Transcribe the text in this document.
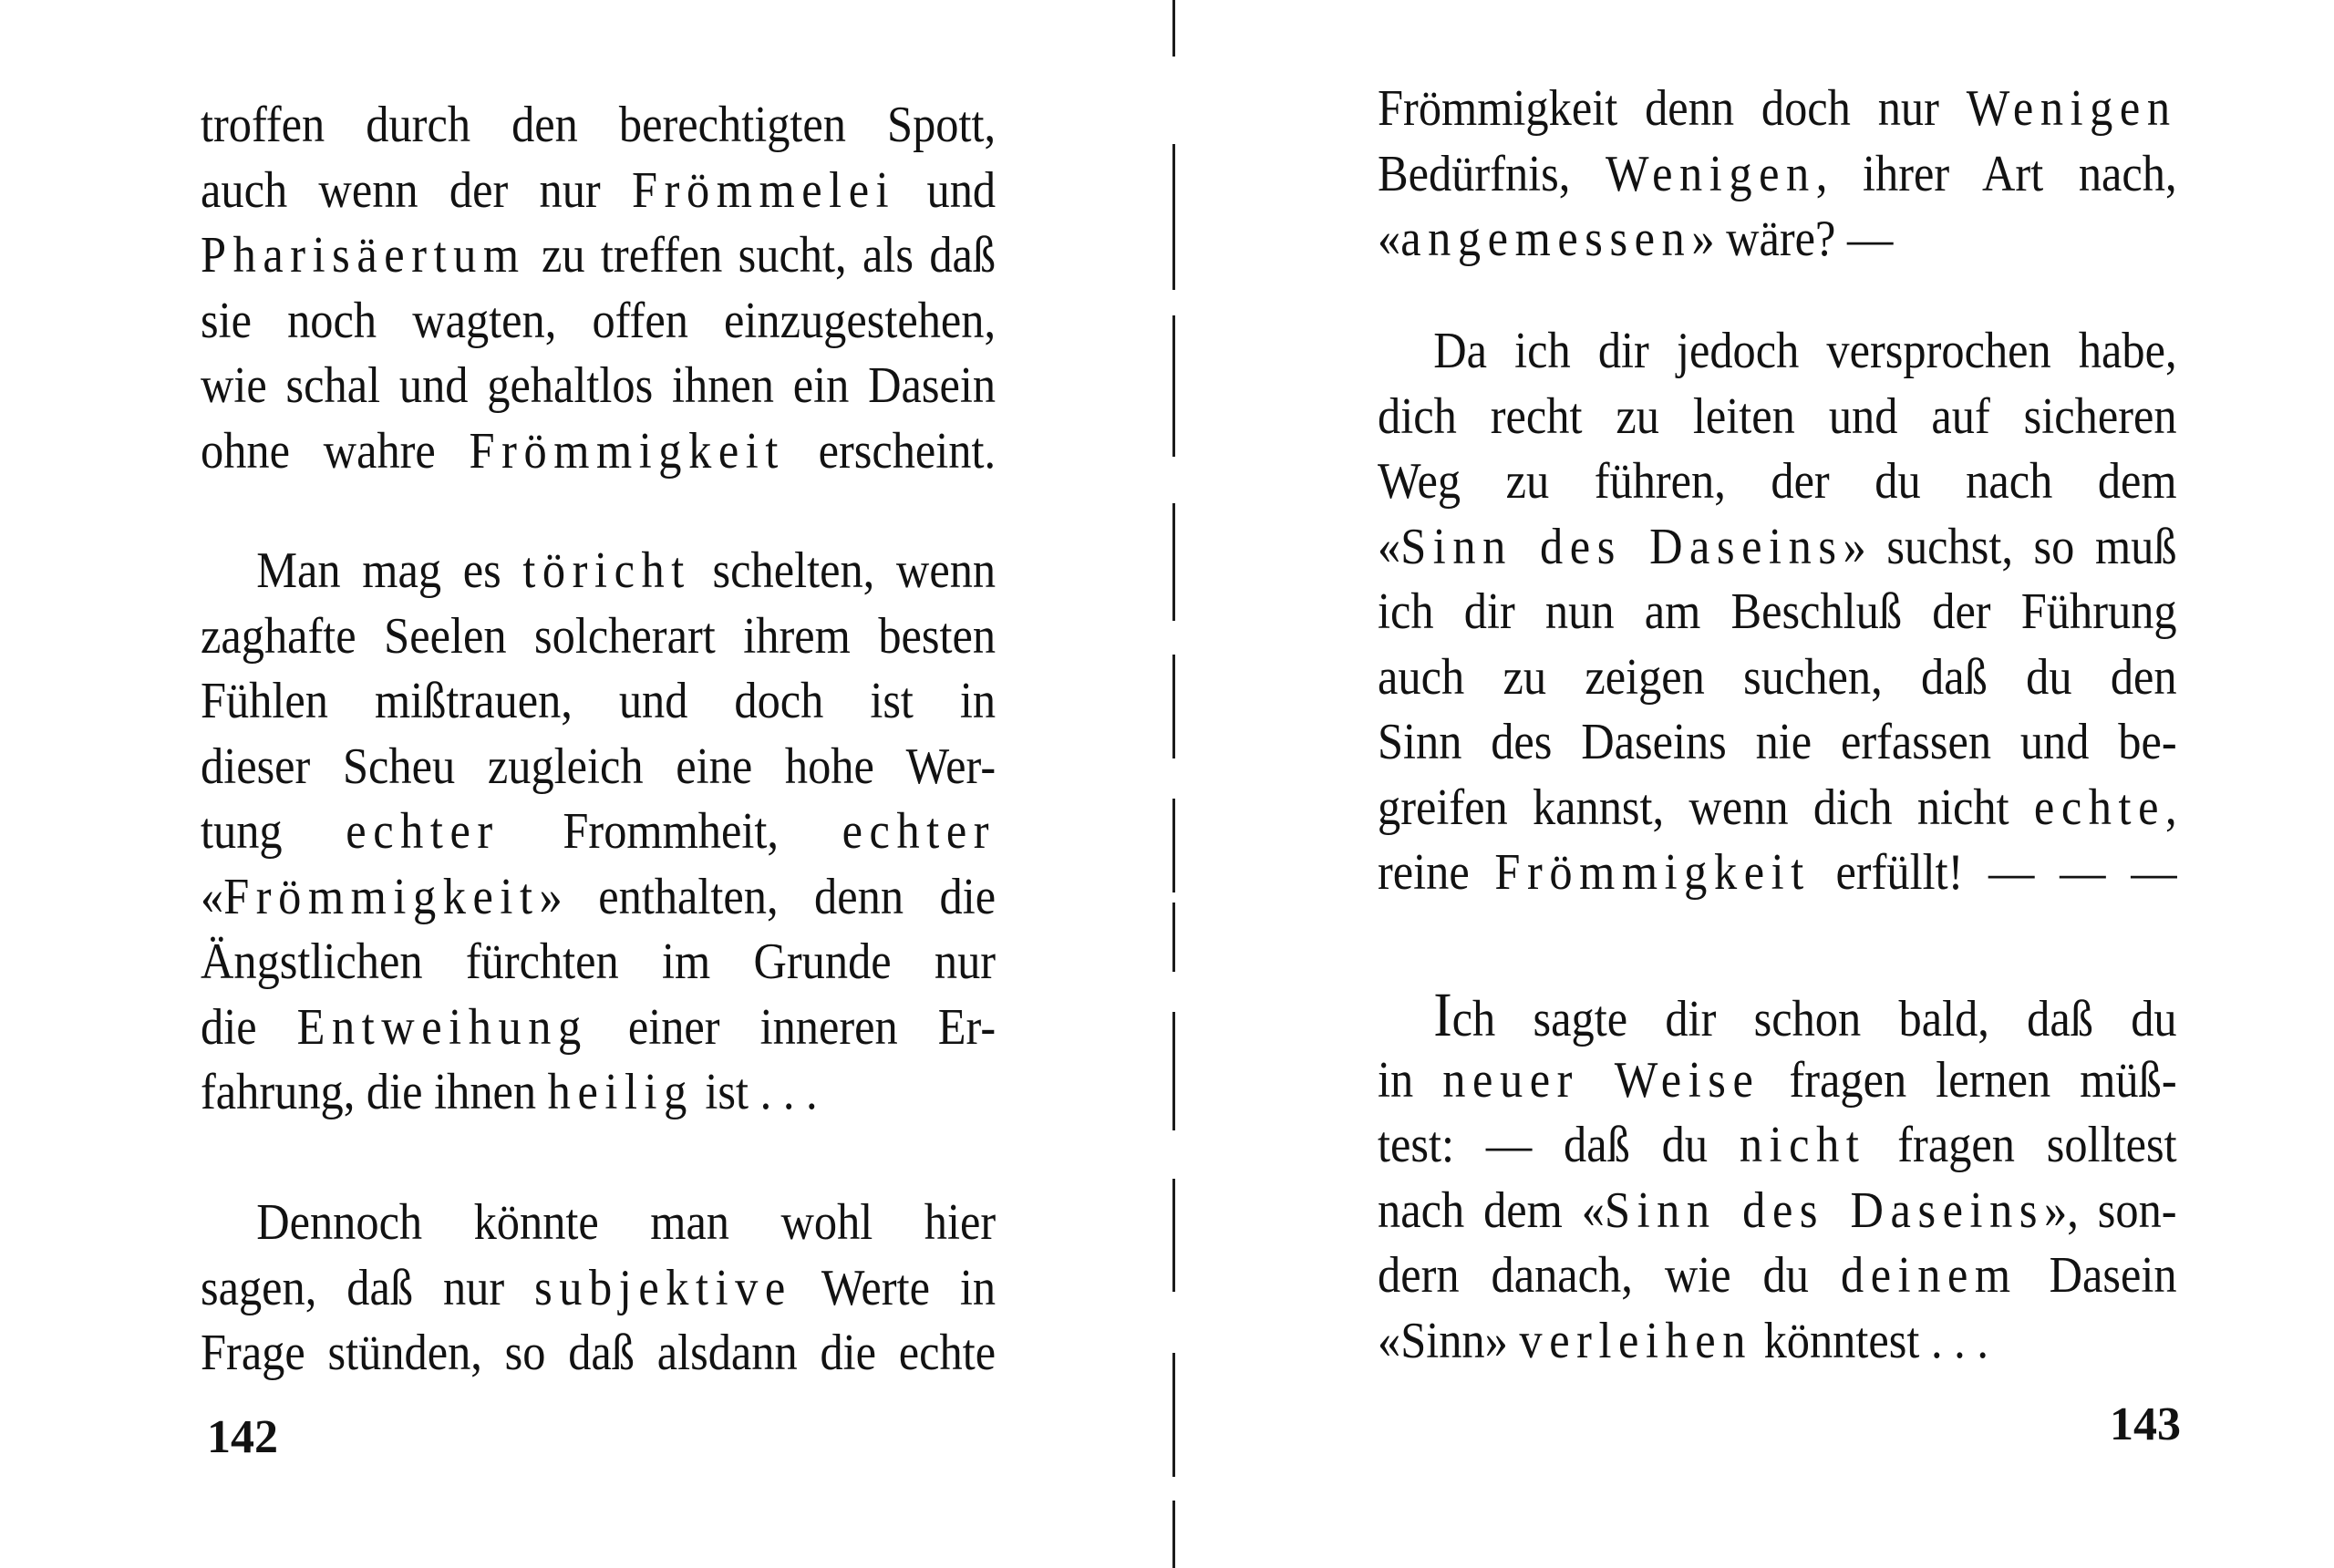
troffen durch den berechtigten Spott,
auch wenn der nur Frömmelei und
Pharisäertum zu treffen sucht, als daß
sie noch wagten, offen einzugestehen,
wie schal und gehaltlos ihnen ein Dasein
ohne wahre Frömmigkeit erscheint.
Man mag es töricht schelten, wenn
zaghafte Seelen solcherart ihrem besten
Fühlen mißtrauen, und doch ist in
dieser Scheu zugleich eine hohe Wer-
tung echter Frommheit, echter
«Frömmigkeit» enthalten, denn die
Ängstlichen fürchten im Grunde nur
die Entweihung einer inneren Er-
fahrung, die ihnen heilig ist . . .
Dennoch könnte man wohl hier
sagen, daß nur subjektive Werte in
Frage stünden, so daß alsdann die echte
142
Frömmigkeit denn doch nur Wenigen
Bedürfnis, Wenigen, ihrer Art nach,
«angemessen» wäre? —
Da ich dir jedoch versprochen habe,
dich recht zu leiten und auf sicheren
Weg zu führen, der du nach dem
«Sinn des Daseins» suchst, so muß
ich dir nun am Beschluß der Führung
auch zu zeigen suchen, daß du den
Sinn des Daseins nie erfassen und be-
greifen kannst, wenn dich nicht echte,
reine Frömmigkeit erfüllt! — — —
Ich sagte dir schon bald, daß du
in neuer Weise fragen lernen müß-
test: — daß du nicht fragen solltest
nach dem «Sinn des Daseins», son-
dern danach, wie du deinem Dasein
«Sinn» verleihen könntest . . .
143
